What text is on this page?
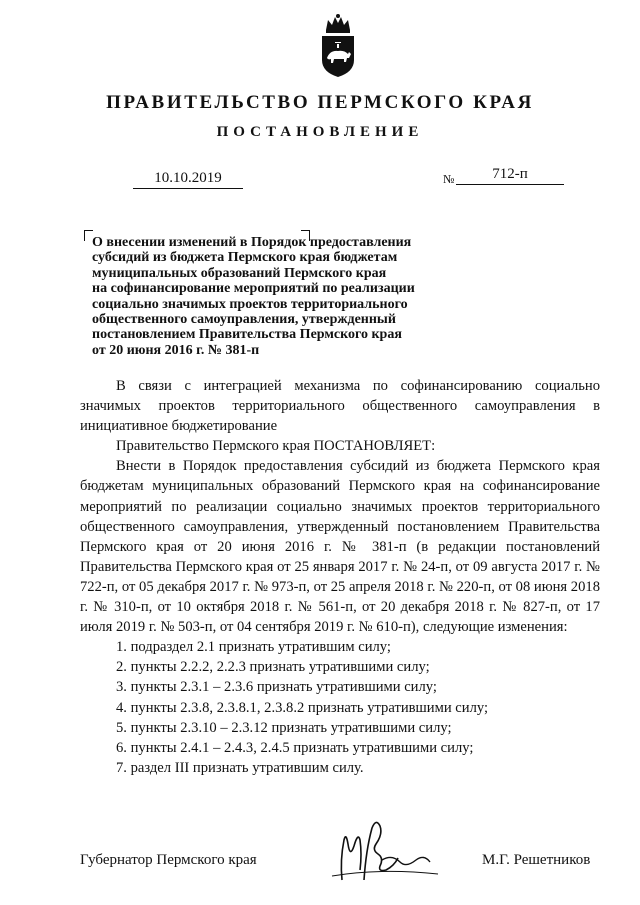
ПРАВИТЕЛЬСТВО ПЕРМСКОГО КРАЯ
ПОСТАНОВЛЕНИЕ
10.10.2019	№	712-п
О внесении изменений в Порядок предоставления
субсидий из бюджета Пермского края бюджетам
муниципальных образований Пермского края
на софинансирование мероприятий по реализации
социально значимых проектов территориального
общественного самоуправления, утвержденный
постановлением Правительства Пермского края
от 20 июня 2016 г. № 381-п

В связи с интеграцией механизма по софинансированию социально значимых проектов территориального общественного самоуправления в инициативное бюджетирование

Правительство Пермского края ПОСТАНОВЛЯЕТ:

Внести в Порядок предоставления субсидий из бюджета Пермского края бюджетам муниципальных образований Пермского края на софинансирование мероприятий по реализации социально значимых проектов территориального общественного самоуправления, утвержденный постановлением Правительства Пермского края от 20 июня 2016 г. № 381-п (в редакции постановлений Правительства Пермского края от 25 января 2017 г. № 24-п, от 09 августа 2017 г. № 722-п, от 05 декабря 2017 г. № 973-п, от 25 апреля 2018 г. № 220-п, от 08 июня 2018 г. № 310-п, от 10 октября 2018 г. № 561-п, от 20 декабря 2018 г. № 827-п, от 17 июля 2019 г. № 503-п, от 04 сентября 2019 г. № 610-п), следующие изменения:

1. подраздел 2.1 признать утратившим силу;
2. пункты 2.2.2, 2.2.3 признать утратившими силу;
3. пункты 2.3.1 – 2.3.6 признать утратившими силу;
4. пункты 2.3.8, 2.3.8.1, 2.3.8.2 признать утратившими силу;
5. пункты 2.3.10 – 2.3.12 признать утратившими силу;
6. пункты 2.4.1 – 2.4.3, 2.4.5 признать утратившими силу;
7. раздел III признать утратившим силу.
Губернатор Пермского края	М.Г. Решетников
